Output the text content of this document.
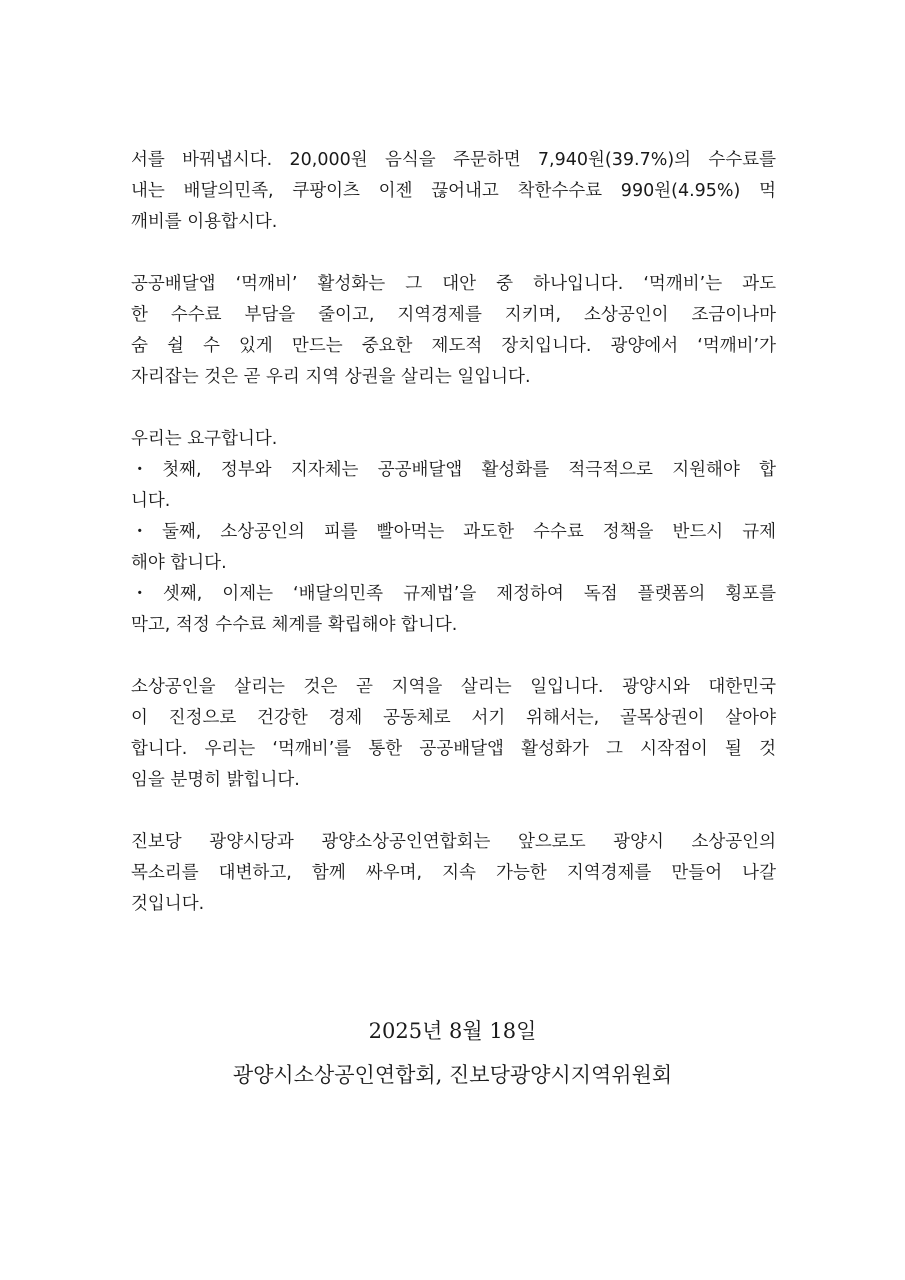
서를 바꿔냅시다. 20,000원 음식을 주문하면 7,940원(39.7%)의 수수료를
내는 배달의민족, 쿠팡이츠 이젠 끊어내고 착한수수료 990원(4.95%) 먹
깨비를 이용합시다.
공공배달앱 ‘먹깨비’ 활성화는 그 대안 중 하나입니다. ‘먹깨비’는 과도
한 수수료 부담을 줄이고, 지역경제를 지키며, 소상공인이 조금이나마
숨 쉴 수 있게 만드는 중요한 제도적 장치입니다. 광양에서 ‘먹깨비’가
자리잡는 것은 곧 우리 지역 상권을 살리는 일입니다.
우리는 요구합니다.
・첫째, 정부와 지자체는 공공배달앱 활성화를 적극적으로 지원해야 합
니다.
・둘째, 소상공인의 피를 빨아먹는 과도한 수수료 정책을 반드시 규제
해야 합니다.
・셋째, 이제는 ‘배달의민족 규제법’을 제정하여 독점 플랫폼의 횡포를
막고, 적정 수수료 체계를 확립해야 합니다.
소상공인을 살리는 것은 곧 지역을 살리는 일입니다. 광양시와 대한민국
이 진정으로 건강한 경제 공동체로 서기 위해서는, 골목상권이 살아야
합니다. 우리는 ‘먹깨비’를 통한 공공배달앱 활성화가 그 시작점이 될 것
임을 분명히 밝힙니다.
진보당 광양시당과 광양소상공인연합회는 앞으로도 광양시 소상공인의
목소리를 대변하고, 함께 싸우며, 지속 가능한 지역경제를 만들어 나갈
것입니다.
2025년 8월 18일
광양시소상공인연합회, 진보당광양시지역위원회
